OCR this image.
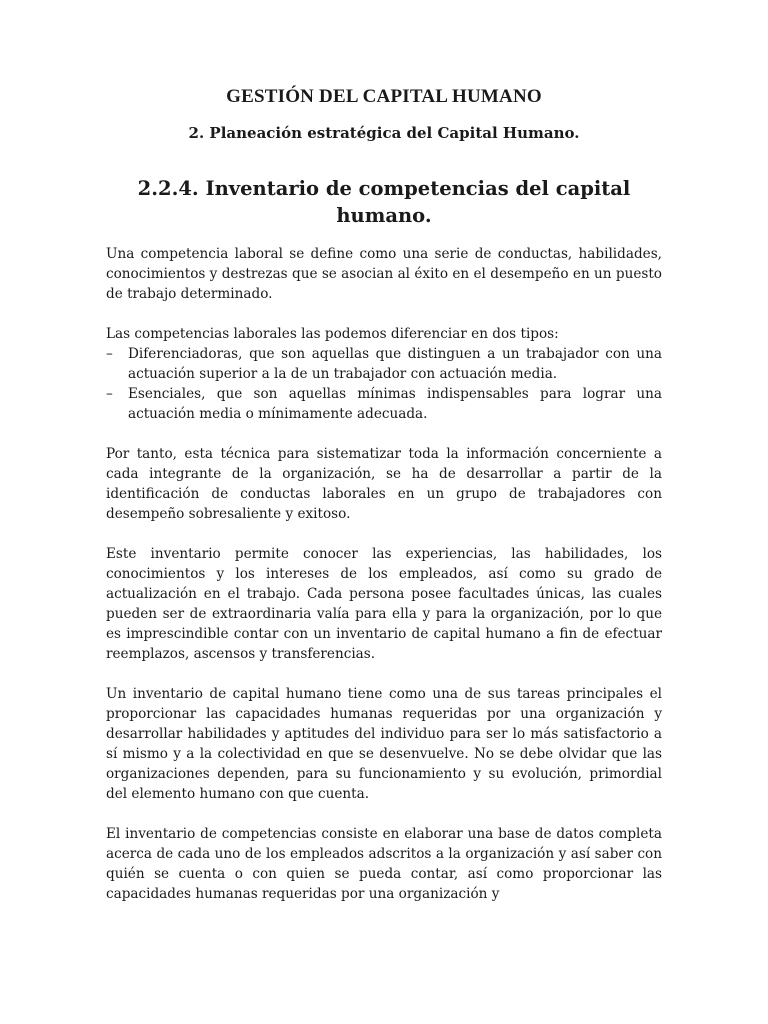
GESTIÓN DEL CAPITAL HUMANO
2. Planeación estratégica del Capital Humano.
2.2.4. Inventario de competencias del capital humano.

Una competencia laboral se define como una serie de conductas, habilidades, conocimientos y destrezas que se asocian al éxito en el desempeño en un puesto de trabajo determinado.

Las competencias laborales las podemos diferenciar en dos tipos:

– Diferenciadoras, que son aquellas que distinguen a un trabajador con una actuación superior a la de un trabajador con actuación media.
– Esenciales, que son aquellas mínimas indispensables para lograr una actuación media o mínimamente adecuada.

Por tanto, esta técnica para sistematizar toda la información concerniente a cada integrante de la organización, se ha de desarrollar a partir de la identificación de conductas laborales en un grupo de trabajadores con desempeño sobresaliente y exitoso.

Este inventario permite conocer las experiencias, las habilidades, los conocimientos y los intereses de los empleados, así como su grado de actualización en el trabajo. Cada persona posee facultades únicas, las cuales pueden ser de extraordinaria valía para ella y para la organización, por lo que es imprescindible contar con un inventario de capital humano a fin de efectuar reemplazos, ascensos y transferencias.

Un inventario de capital humano tiene como una de sus tareas principales el proporcionar las capacidades humanas requeridas por una organización y desarrollar habilidades y aptitudes del individuo para ser lo más satisfactorio a sí mismo y a la colectividad en que se desenvuelve. No se debe olvidar que las organizaciones dependen, para su funcionamiento y su evolución, primordial del elemento humano con que cuenta.

El inventario de competencias consiste en elaborar una base de datos completa acerca de cada uno de los empleados adscritos a la organización y así saber con quién se cuenta o con quien se pueda contar, así como proporcionar las capacidades humanas requeridas por una organización y
